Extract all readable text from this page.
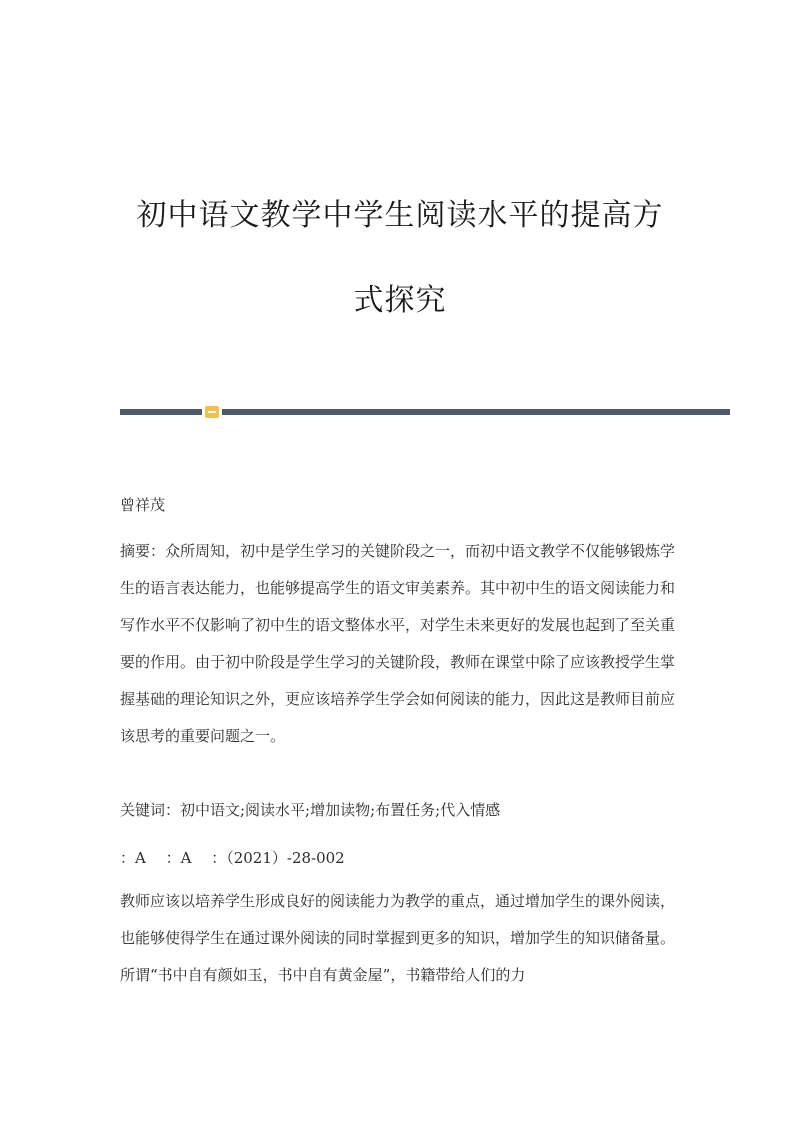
初中语文教学中学生阅读水平的提高方
式探究

曾祥茂

摘要：众所周知，初中是学生学习的关键阶段之一，而初中语文教学不仅能够锻炼学生的语言表达能力，也能够提高学生的语文审美素养。其中初中生的语文阅读能力和写作水平不仅影响了初中生的语文整体水平，对学生未来更好的发展也起到了至关重要的作用。由于初中阶段是学生学习的关键阶段，教师在课堂中除了应该教授学生掌握基础的理论知识之外，更应该培养学生学会如何阅读的能力，因此这是教师目前应该思考的重要问题之一。

关键词：初中语文;阅读水平;增加读物;布置任务;代入情感

：A　 ：A　 ：（2021）-28-002

教师应该以培养学生形成良好的阅读能力为教学的重点，通过增加学生的课外阅读，也能够使得学生在通过课外阅读的同时掌握到更多的知识，增加学生的知识储备量。所谓“书中自有颜如玉，书中自有黄金屋”，书籍带给人们的力
